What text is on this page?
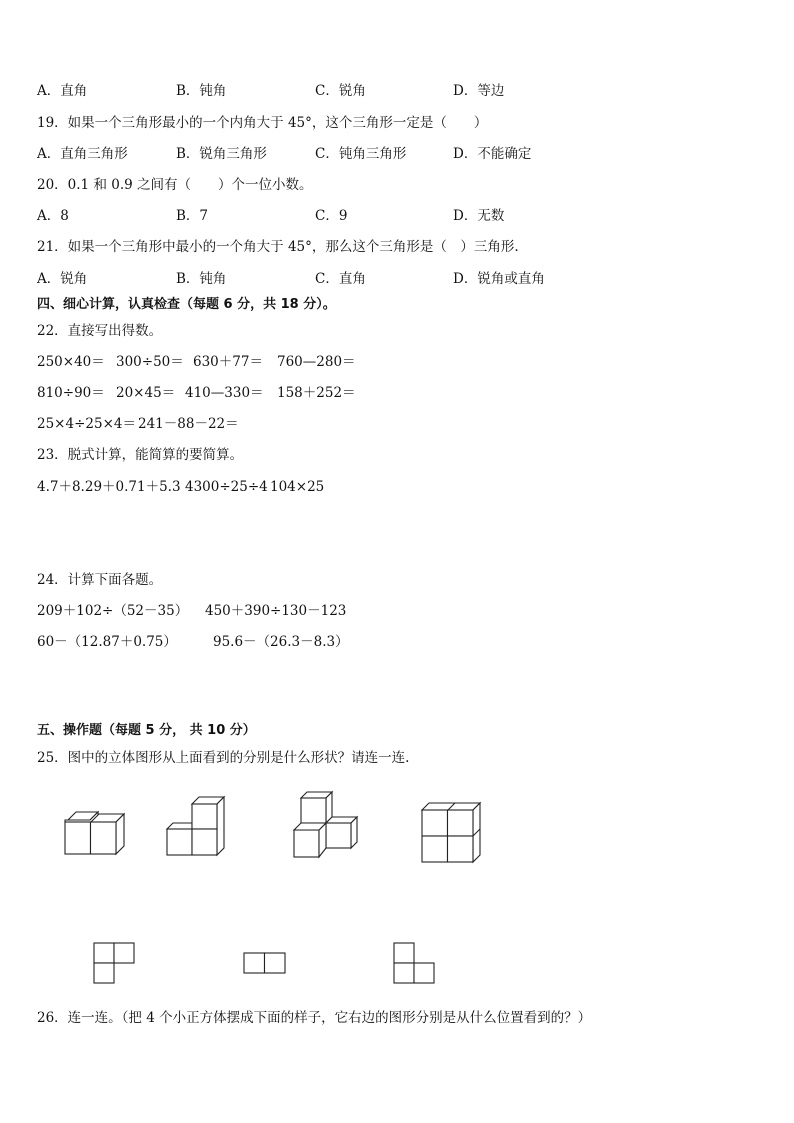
A．直角	B．钝角	C．锐角	D．等边
19．如果一个三角形最小的一个内角大于 45°，这个三角形一定是（　　）
A．直角三角形	B．锐角三角形	C．钝角三角形	D．不能确定
20．0.1 和 0.9 之间有（　　）个一位小数。
A．8	B．7	C．9	D．无数
21．如果一个三角形中最小的一个角大于 45°，那么这个三角形是（　）三角形.
A．锐角	B．钝角	C．直角	D．锐角或直角
四、细心计算，认真检查（每题 6 分，共 18 分）。
22．直接写出得数。
250×40＝ 300÷50＝ 630＋77＝ 760—280＝
810÷90＝ 20×45＝ 410—330＝ 158＋252＝
25×4÷25×4＝ 241－88－22＝
23．脱式计算，能简算的要简算。
4.7＋8.29＋0.71＋5.3 4300÷25÷4 104×25
24．计算下面各题。
209＋102÷（52－35） 450＋390÷130－123
60－（12.87＋0.75）	95.6－（26.3－8.3）
五、操作题（每题 5 分， 共 10 分）
25．图中的立体图形从上面看到的分别是什么形状？请连一连.
26．连一连。（把 4 个小正方体摆成下面的样子，它右边的图形分别是从什么位置看到的？）
